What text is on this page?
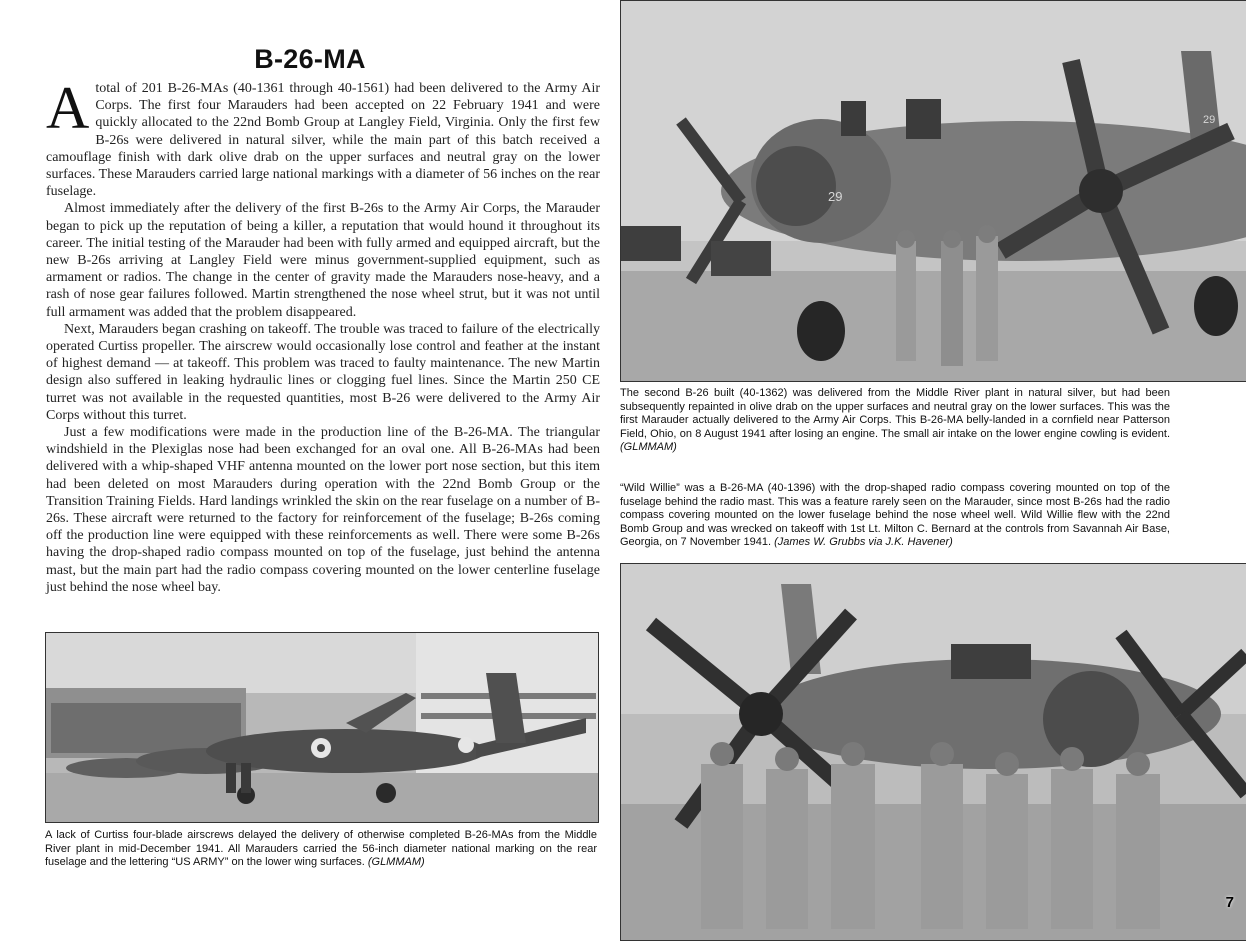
B-26-MA

Atotal of 201 B-26-MAs (40-1361 through 40-1561) had been delivered to the Army Air Corps. The first four Marauders had been accepted on 22 February 1941 and were quickly allocated to the 22nd Bomb Group at Langley Field, Virginia. Only the first few B-26s were delivered in natural silver, while the main part of this batch received a camouflage finish with dark olive drab on the upper surfaces and neutral gray on the lower surfaces. These Marauders carried large national markings with a diameter of 56 inches on the rear fuselage.

Almost immediately after the delivery of the first B-26s to the Army Air Corps, the Marauder began to pick up the reputation of being a killer, a reputation that would hound it throughout its career. The initial testing of the Marauder had been with fully armed and equipped aircraft, but the new B-26s arriving at Langley Field were minus government-supplied equipment, such as armament or radios. The change in the center of gravity made the Marauders nose-heavy, and a rash of nose gear failures followed. Martin strengthened the nose wheel strut, but it was not until full armament was added that the problem disappeared.

Next, Marauders began crashing on takeoff. The trouble was traced to failure of the electrically operated Curtiss propeller. The airscrew would occasionally lose control and feather at the instant of highest demand — at takeoff. This problem was traced to faulty maintenance. The new Martin design also suffered in leaking hydraulic lines or clogging fuel lines. Since the Martin 250 CE turret was not available in the requested quantities, most B-26 were delivered to the Army Air Corps without this turret.

Just a few modifications were made in the production line of the B-26-MA. The triangular windshield in the Plexiglas nose had been exchanged for an oval one. All B-26-MAs had been delivered with a whip-shaped VHF antenna mounted on the lower port nose section, but this item had been deleted on most Marauders during operation with the 22nd Bomb Group or the Transition Training Fields. Hard landings wrinkled the skin on the rear fuselage on a number of B-26s. These aircraft were returned to the factory for reinforcement of the fuselage; B-26s coming off the production line were equipped with these reinforcements as well. There were some B-26s having the drop-shaped radio compass mounted on top of the fuselage, just behind the antenna mast, but the main part had the radio compass covering mounted on the lower centerline fuselage just behind the nose wheel bay.

A lack of Curtiss four-blade airscrews delayed the delivery of otherwise completed B-26-MAs from the Middle River plant in mid-December 1941. All Marauders carried the 56-inch diameter national marking on the rear fuselage and the lettering “US ARMY” on the lower wing surfaces. (GLMMAM)
29
29
The second B-26 built (40-1362) was delivered from the Middle River plant in natural silver, but had been subsequently repainted in olive drab on the upper surfaces and neutral gray on the lower surfaces. This was the first Marauder actually delivered to the Army Air Corps. This B-26-MA belly-landed in a cornfield near Patterson Field, Ohio, on 8 August 1941 after losing an engine. The small air intake on the lower engine cowling is evident. (GLMMAM)
“Wild Willie” was a B-26-MA (40-1396) with the drop-shaped radio compass covering mounted on top of the fuselage behind the radio mast. This was a feature rarely seen on the Marauder, since most B-26s had the radio compass covering mounted on the lower fuselage behind the nose wheel well. Wild Willie flew with the 22nd Bomb Group and was wrecked on takeoff with 1st Lt. Milton C. Bernard at the controls from Savannah Air Base, Georgia, on 7 November 1941. (James W. Grubbs via J.K. Havener)
7
